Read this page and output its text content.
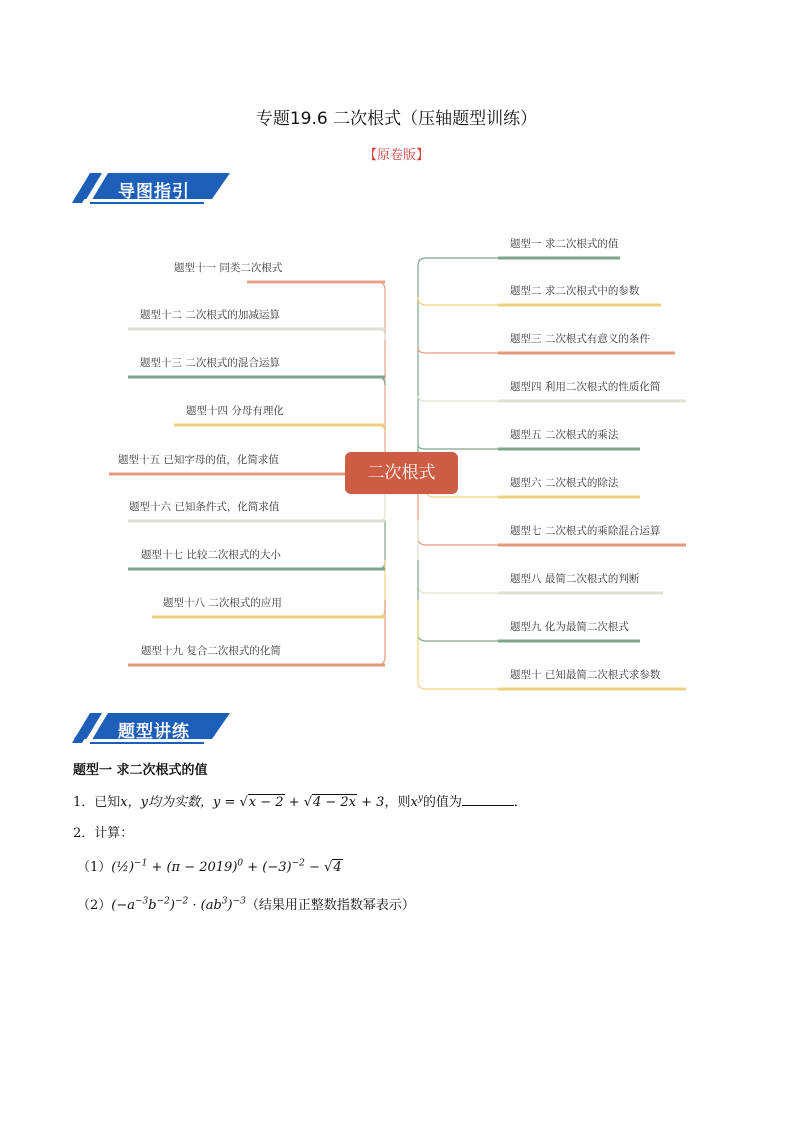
专题19.6 二次根式（压轴题型训练）
【原卷版】
导图指引
题型十一 同类二次根式
题型十二 二次根式的加减运算
题型十三 二次根式的混合运算
题型十四 分母有理化
题型十五 已知字母的值，化简求值
题型十六 已知条件式，化简求值
题型十七 比较二次根式的大小
题型十八 二次根式的应用
题型十九 复合二次根式的化简
题型一 求二次根式的值
题型二 求二次根式中的参数
题型三 二次根式有意义的条件
题型四 利用二次根式的性质化简
题型五 二次根式的乘法
题型六 二次根式的除法
题型七 二次根式的乘除混合运算
题型八 最简二次根式的判断
题型九 化为最简二次根式
题型十 已知最简二次根式求参数
二次根式
题型讲练
题型一 求二次根式的值
1．已知x，y均为实数，y = √x − 2 + √4 − 2x + 3，则$x^y$的值为	．
2．计算：
（1）(½)$^{-1}$ + $(\pi - 2019)^0 + (-3)^{-2} - √4$
$(2)(-a^{-3}b^{-2})^{-2} \cdot (ab^3)^{-3}$（结果用正整数指数幂表示）
